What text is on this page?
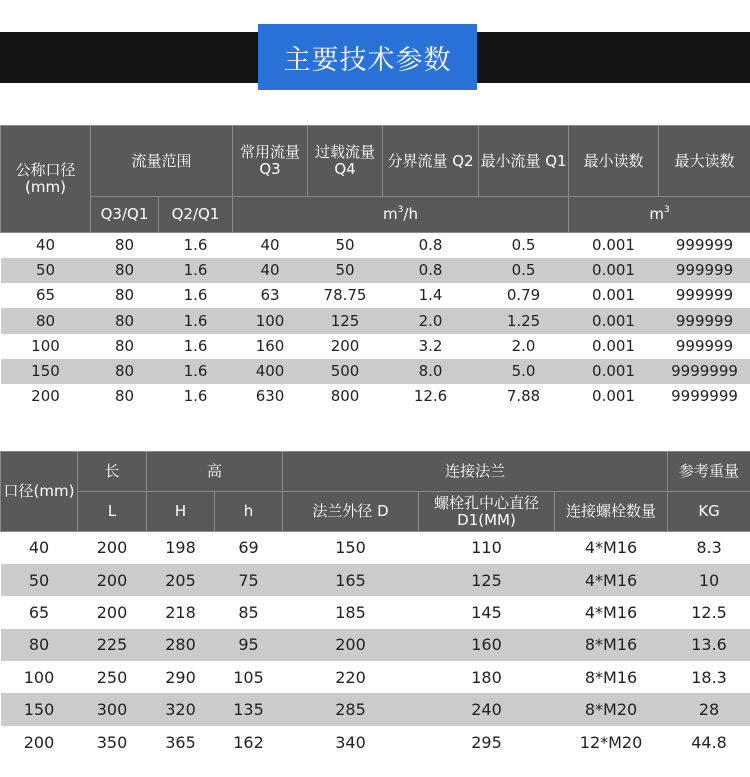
主要技术参数
公称口径(mm)	流量范围		常用流量 Q3	过载流量 Q4	分界流量 Q2	最小流量 Q1	最小读数	最大读数
	Q3/Q1	Q2/Q1	$m^3/h$				$m^3$
40	80	1.6	40	50	0.8	0.5	0.001	999999
50	80	1.6	40	50	0.8	0.5	0.001	999999
65	80	1.6	63	78.75	1.4	0.79	0.001	999999
80	80	1.6	100	125	2.0	1.25	0.001	999999
100	80	1.6	160	200	3.2	2.0	0.001	999999
150	80	1.6	400	500	8.0	5.0	0.001	9999999
200	80	1.6	630	800	12.6	7.88	0.001	9999999
口径(mm)	长	高		连接法兰			参考重量
	L	H	h	法兰外径 D	螺栓孔中心直径 D1(MM)	连接螺栓数量	KG
40	200	198	69	150	110	4*M16	8.3
50	200	205	75	165	125	4*M16	10
65	200	218	85	185	145	4*M16	12.5
80	225	280	95	200	160	8*M16	13.6
100	250	290	105	220	180	8*M16	18.3
150	300	320	135	285	240	8*M20	28
200	350	365	162	340	295	12*M20	44.8
